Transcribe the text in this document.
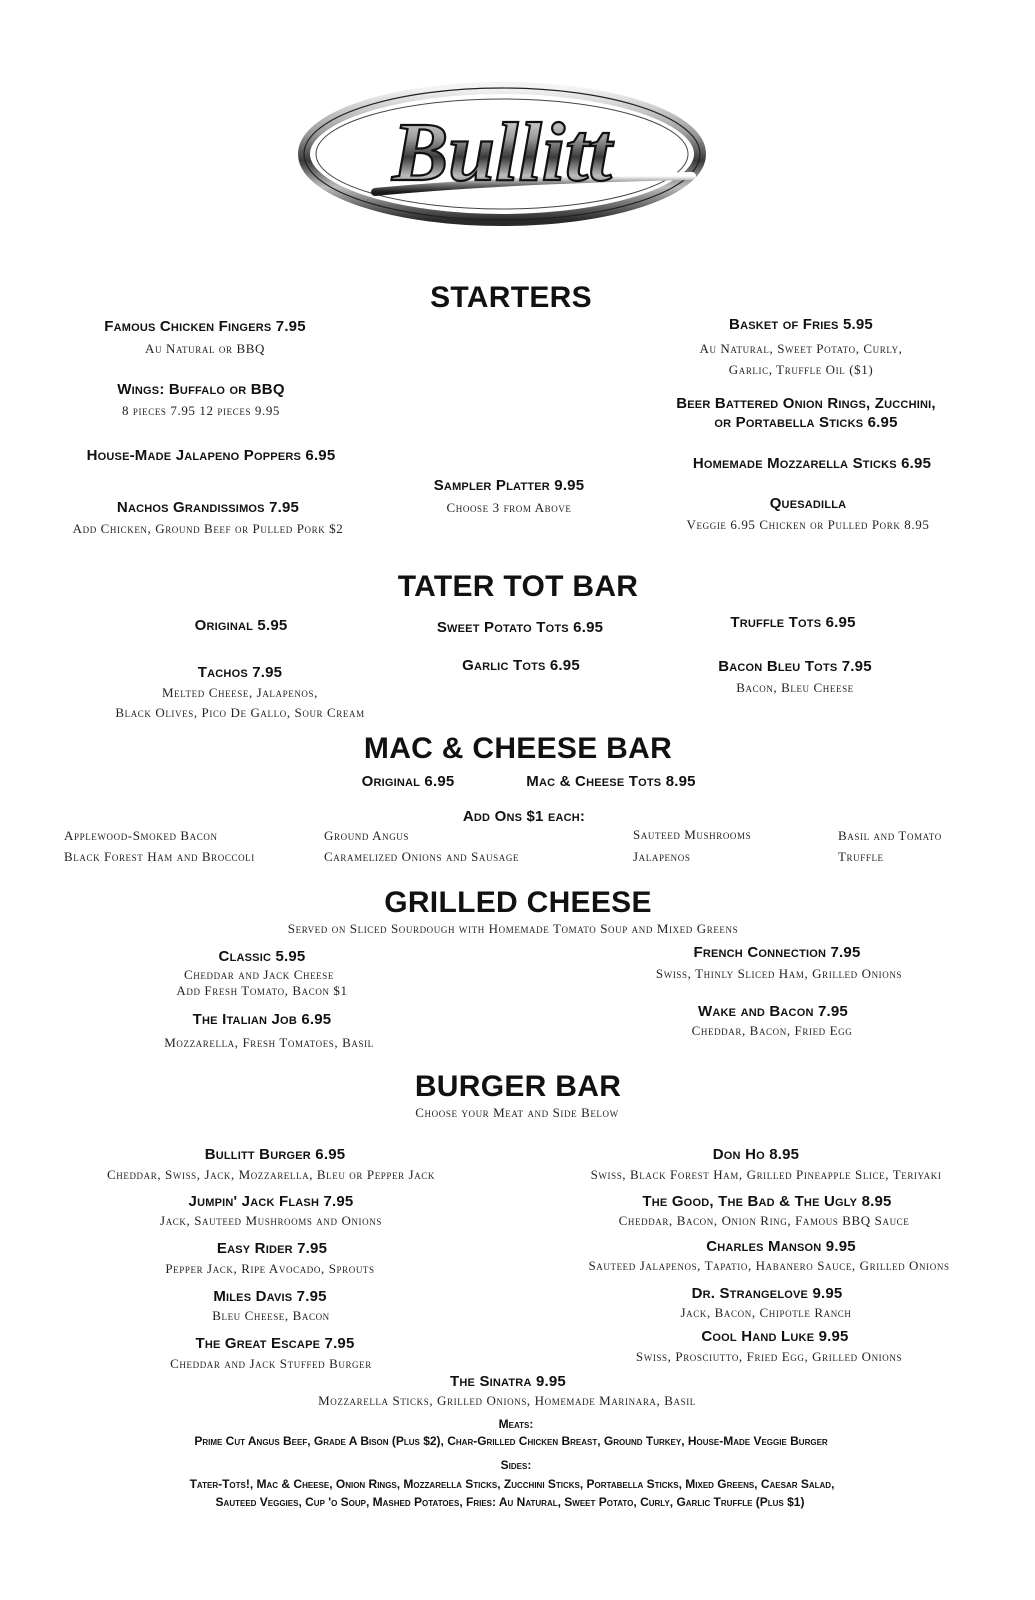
Bullitt
STARTERS
Famous Chicken Fingers 7.95
Au Natural or BBQ
Wings: Buffalo or BBQ
8 pieces 7.95 12 pieces 9.95
House-Made Jalapeno Poppers 6.95
Nachos Grandissimos 7.95
Add Chicken, Ground Beef or Pulled Pork $2
Sampler Platter 9.95
Choose 3 from Above
Basket of Fries 5.95
Au Natural, Sweet Potato, Curly,
Garlic, Truffle Oil ($1)
Beer Battered Onion Rings, Zucchini,
or Portabella Sticks 6.95
Homemade Mozzarella Sticks 6.95
Quesadilla
Veggie 6.95 Chicken or Pulled Pork 8.95
TATER TOT BAR
Original 5.95	Sweet Potato Tots 6.95	Truffle Tots 6.95
Tachos 7.95
Melted Cheese, Jalapenos,
Black Olives, Pico De Gallo, Sour Cream
Garlic Tots 6.95	Bacon Bleu Tots 7.95
Bacon, Bleu Cheese
MAC & CHEESE BAR
Original 6.95	Mac & Cheese Tots 8.95
Add Ons $1 each:
Applewood-Smoked Bacon
Black Forest Ham and Broccoli
Ground Angus
Caramelized Onions and Sausage
Sauteed Mushrooms
Jalapenos
Basil and Tomato
Truffle
GRILLED CHEESE
Served on Sliced Sourdough with Homemade Tomato Soup and Mixed Greens
Classic 5.95
Cheddar and Jack Cheese
Add Fresh Tomato, Bacon $1
The Italian Job 6.95
Mozzarella, Fresh Tomatoes, Basil
French Connection 7.95
Swiss, Thinly Sliced Ham, Grilled Onions
Wake and Bacon 7.95
Cheddar, Bacon, Fried Egg
BURGER BAR
Choose your Meat and Side Below
Bullitt Burger 6.95
Cheddar, Swiss, Jack, Mozzarella, Bleu or Pepper Jack
Jumpin' Jack Flash 7.95
Jack, Sauteed Mushrooms and Onions
Easy Rider 7.95
Pepper Jack, Ripe Avocado, Sprouts
Miles Davis 7.95
Bleu Cheese, Bacon
The Great Escape 7.95
Cheddar and Jack Stuffed Burger
Don Ho 8.95
Swiss, Black Forest Ham, Grilled Pineapple Slice, Teriyaki
The Good, The Bad & The Ugly 8.95
Cheddar, Bacon, Onion Ring, Famous BBQ Sauce
Charles Manson 9.95
Sauteed Jalapenos, Tapatio, Habanero Sauce, Grilled Onions
Dr. Strangelove 9.95
Jack, Bacon, Chipotle Ranch
Cool Hand Luke 9.95
Swiss, Prosciutto, Fried Egg, Grilled Onions
The Sinatra 9.95
Mozzarella Sticks, Grilled Onions, Homemade Marinara, Basil
Meats:
Prime Cut Angus Beef, Grade A Bison (Plus $2), Char-Grilled Chicken Breast, Ground Turkey, House-Made Veggie Burger
Sides:
Tater-Tots!, Mac & Cheese, Onion Rings, Mozzarella Sticks, Zucchini Sticks, Portabella Sticks, Mixed Greens, Caesar Salad,
Sauteed Veggies, Cup 'o Soup, Mashed Potatoes, Fries: Au Natural, Sweet Potato, Curly, Garlic Truffle (Plus $1)
